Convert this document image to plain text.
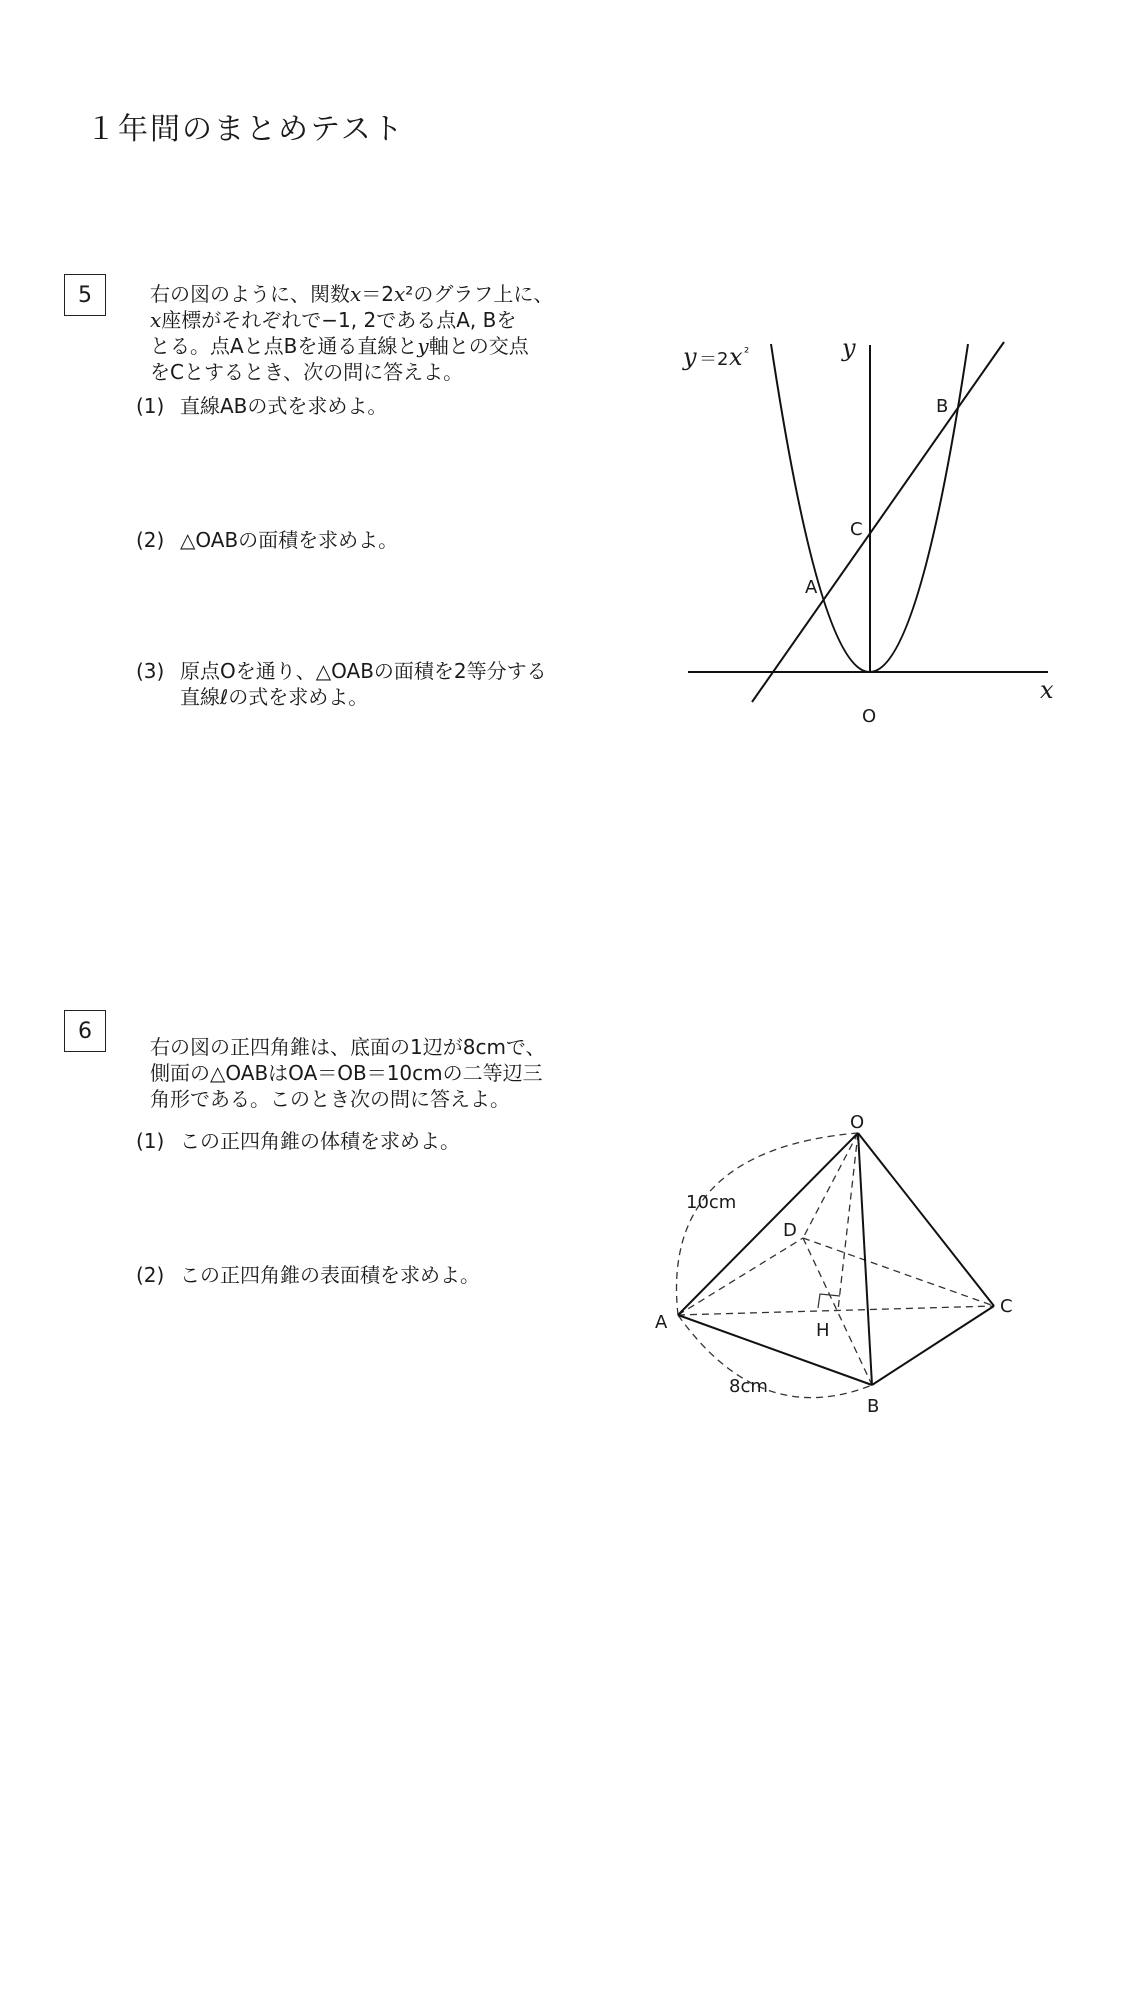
１年間のまとめテスト
5	右の図のように、関数x＝2x²のグラフ上に、
x座標がそれぞれで−1, 2である点A, Bを
とる。点Aと点Bを通る直線とy軸との交点
をCとするとき、次の問に答えよ。
(1) 直線ABの式を求めよ。
(2) △OABの面積を求めよ。
(3) 原点Oを通り、△OABの面積を2等分する
直線ℓの式を求めよ。
y ＝2 x ²	y
x
O
A
B
C
6
右の図の正四角錐は、底面の1辺が8cmで、
側面の△OABはOA＝OB＝10cmの二等辺三
角形である。このとき次の問に答えよ。
(1) この正四角錐の体積を求めよ。
(2) この正四角錐の表面積を求めよ。
O
A
B
C
D
H
10cm
8cm
